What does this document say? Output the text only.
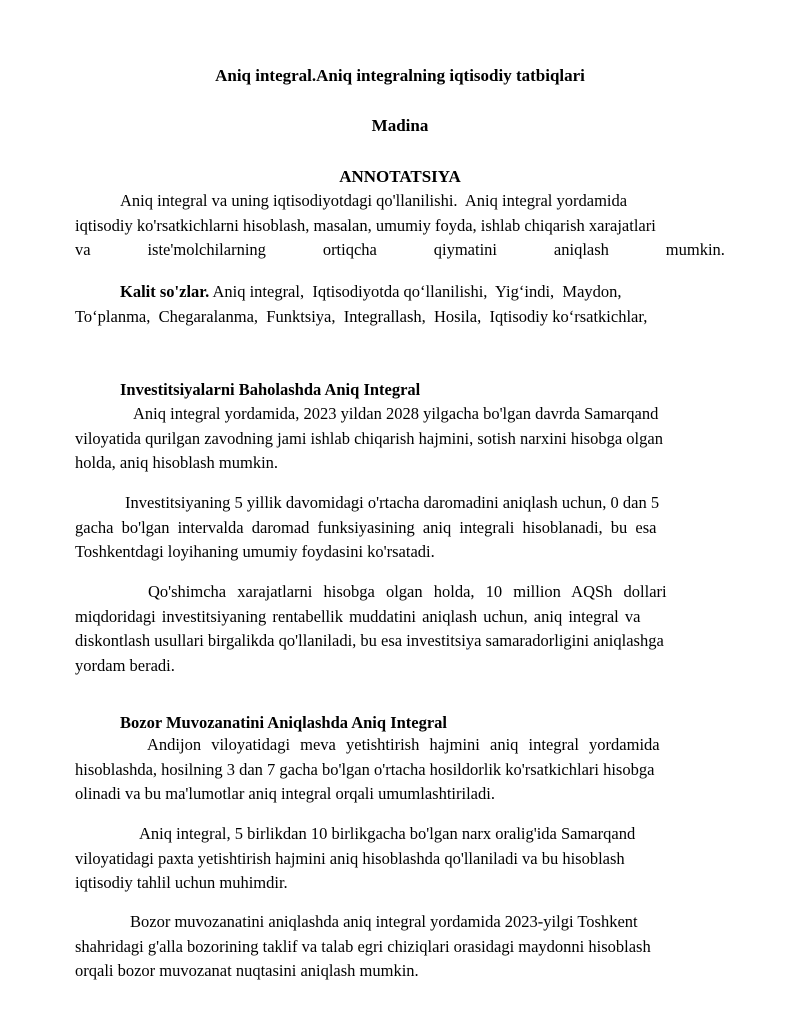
Aniq integral.Aniq integralning iqtisodiy tatbiqlari
Madina
ANNOTATSIYA
Aniq integral va uning iqtisodiyotdagi qo'llanilishi.  Aniq integral yordamida
iqtisodiy ko'rsatkichlarni hisoblash, masalan, umumiy foyda, ishlab chiqarish xarajatlari
va	iste'molchilarning	ortiqcha	qiymatini	aniqlash	mumkin.
Kalit so'zlar. Aniq integral,  Iqtisodiyotda qo‘llanilishi,  Yig‘indi,  Maydon,
To‘planma,  Chegaralanma,  Funktsiya,  Integrallash,  Hosila,  Iqtisodiy ko‘rsatkichlar,
Investitsiyalarni Baholashda Aniq Integral
Aniq integral yordamida, 2023 yildan 2028 yilgacha bo'lgan davrda Samarqand
viloyatida qurilgan zavodning jami ishlab chiqarish hajmini, sotish narxini hisobga olgan
holda, aniq hisoblash mumkin.
Investitsiyaning 5 yillik davomidagi o'rtacha daromadini aniqlash uchun, 0 dan 5
gacha bo'lgan intervalda daromad funksiyasining aniq integrali hisoblanadi, bu esa
Toshkentdagi loyihaning umumiy foydasini ko'rsatadi.
Qo'shimcha xarajatlarni hisobga olgan holda, 10 million AQSh dollari
miqdoridagi investitsiyaning rentabellik muddatini aniqlash uchun, aniq integral va
diskontlash usullari birgalikda qo'llaniladi, bu esa investitsiya samaradorligini aniqlashga
yordam beradi.
Bozor Muvozanatini Aniqlashda Aniq Integral
Andijon viloyatidagi meva yetishtirish hajmini aniq integral yordamida
hisoblashda, hosilning 3 dan 7 gacha bo'lgan o'rtacha hosildorlik ko'rsatkichlari hisobga
olinadi va bu ma'lumotlar aniq integral orqali umumlashtiriladi.
Aniq integral, 5 birlikdan 10 birlikgacha bo'lgan narx oralig'ida Samarqand
viloyatidagi paxta yetishtirish hajmini aniq hisoblashda qo'llaniladi va bu hisoblash
iqtisodiy tahlil uchun muhimdir.
Bozor muvozanatini aniqlashda aniq integral yordamida 2023-yilgi Toshkent
shahridagi g'alla bozorining taklif va talab egri chiziqlari orasidagi maydonni hisoblash
orqali bozor muvozanat nuqtasini aniqlash mumkin.
